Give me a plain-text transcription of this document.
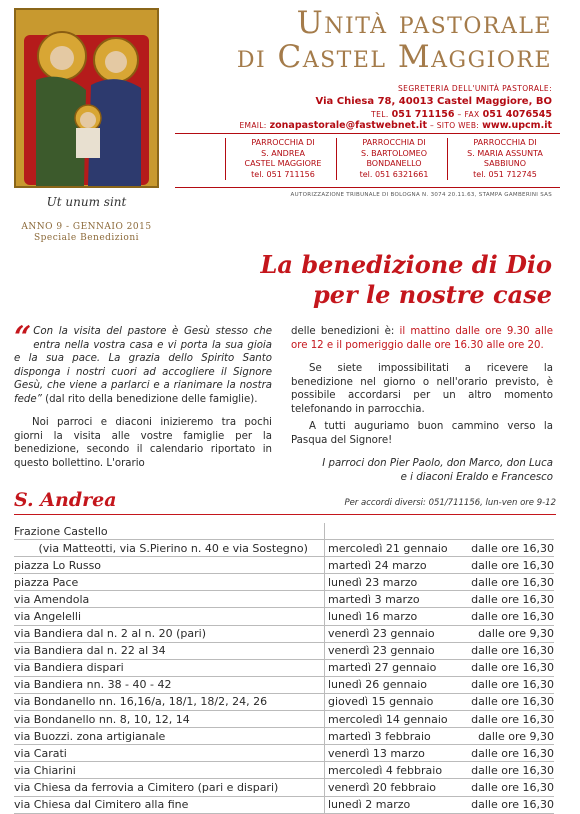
Ut unum sint
ANNO 9 - GENNAIO 2015
Speciale Benedizioni
Unità pastorale
di Castel Maggiore
SEGRETERIA DELL'UNITÀ PASTORALE:
Via Chiesa 78, 40013 Castel Maggiore, BO
TEL. 051 711156 – FAX 051 4076545
EMAIL: zonapastorale@fastwebnet.it – SITO WEB: www.upcm.it
PARROCCHIA DI
S. ANDREA
CASTEL MAGGIORE
tel. 051 711156
PARROCCHIA DI
S. BARTOLOMEO
BONDANELLO
tel. 051 6321661
PARROCCHIA DI
S. MARIA ASSUNTA
SABBIUNO
tel. 051 712745
AUTORIZZAZIONE TRIBUNALE DI BOLOGNA N. 3074 20.11.63, STAMPA GAMBERINI SAS
La benedizione di Dio
per le nostre case

“ Con la visita del pastore è Gesù stesso che entra nella vostra casa e vi porta la sua gioia e la sua pace. La grazia dello Spirito Santo disponga i nostri cuori ad accogliere il Signore Gesù, che viene a parlarci e a rianimare la nostra fede” (dal rito della benedizione delle famiglie).

Noi parroci e diaconi inizieremo tra pochi giorni la visita alle vostre famiglie per la benedizione, secondo il calendario riportato in questo bollettino. L'orario

delle benedizioni è: il mattino dalle ore 9.30 alle ore 12 e il pomeriggio dalle ore 16.30 alle ore 20.

Se siete impossibilitati a ricevere la benedizione nel giorno o nell'orario previsto, è possibile accordarsi per un altro momento telefonando in parrocchia.

A tutti auguriamo buon cammino verso la Pasqua del Signore!

I parroci don Pier Paolo, don Marco, don Luca
e i diaconi Eraldo e Francesco
S. Andrea	Per accordi diversi: 051/711156, lun-ven ore 9-12
Frazione Castello		
(via Matteotti, via S.Pierino n. 40 e via Sostegno)	mercoledì 21 gennaio	dalle ore 16,30
piazza Lo Russo	martedì 24 marzo	dalle ore 16,30
piazza Pace	lunedì 23 marzo	dalle ore 16,30
via Amendola	martedì 3 marzo	dalle ore 16,30
via Angelelli	lunedì 16 marzo	dalle ore 16,30
via Bandiera dal n. 2 al n. 20 (pari)	venerdì 23 gennaio	dalle ore 9,30
via Bandiera dal n. 22 al 34	venerdì 23 gennaio	dalle ore 16,30
via Bandiera dispari	martedì 27 gennaio	dalle ore 16,30
via Bandiera nn. 38 - 40 - 42	lunedì 26 gennaio	dalle ore 16,30
via Bondanello nn. 16,16/a, 18/1, 18/2, 24, 26	giovedì 15 gennaio	dalle ore 16,30
via Bondanello nn. 8, 10, 12, 14	mercoledì 14 gennaio	dalle ore 16,30
via Buozzi. zona artigianale	martedì 3 febbraio	dalle ore 9,30
via Carati	venerdì 13 marzo	dalle ore 16,30
via Chiarini	mercoledì 4 febbraio	dalle ore 16,30
via Chiesa da ferrovia a Cimitero (pari e dispari)	venerdì 20 febbraio	dalle ore 16,30
via Chiesa dal Cimitero alla fine	lunedì 2 marzo	dalle ore 16,30
